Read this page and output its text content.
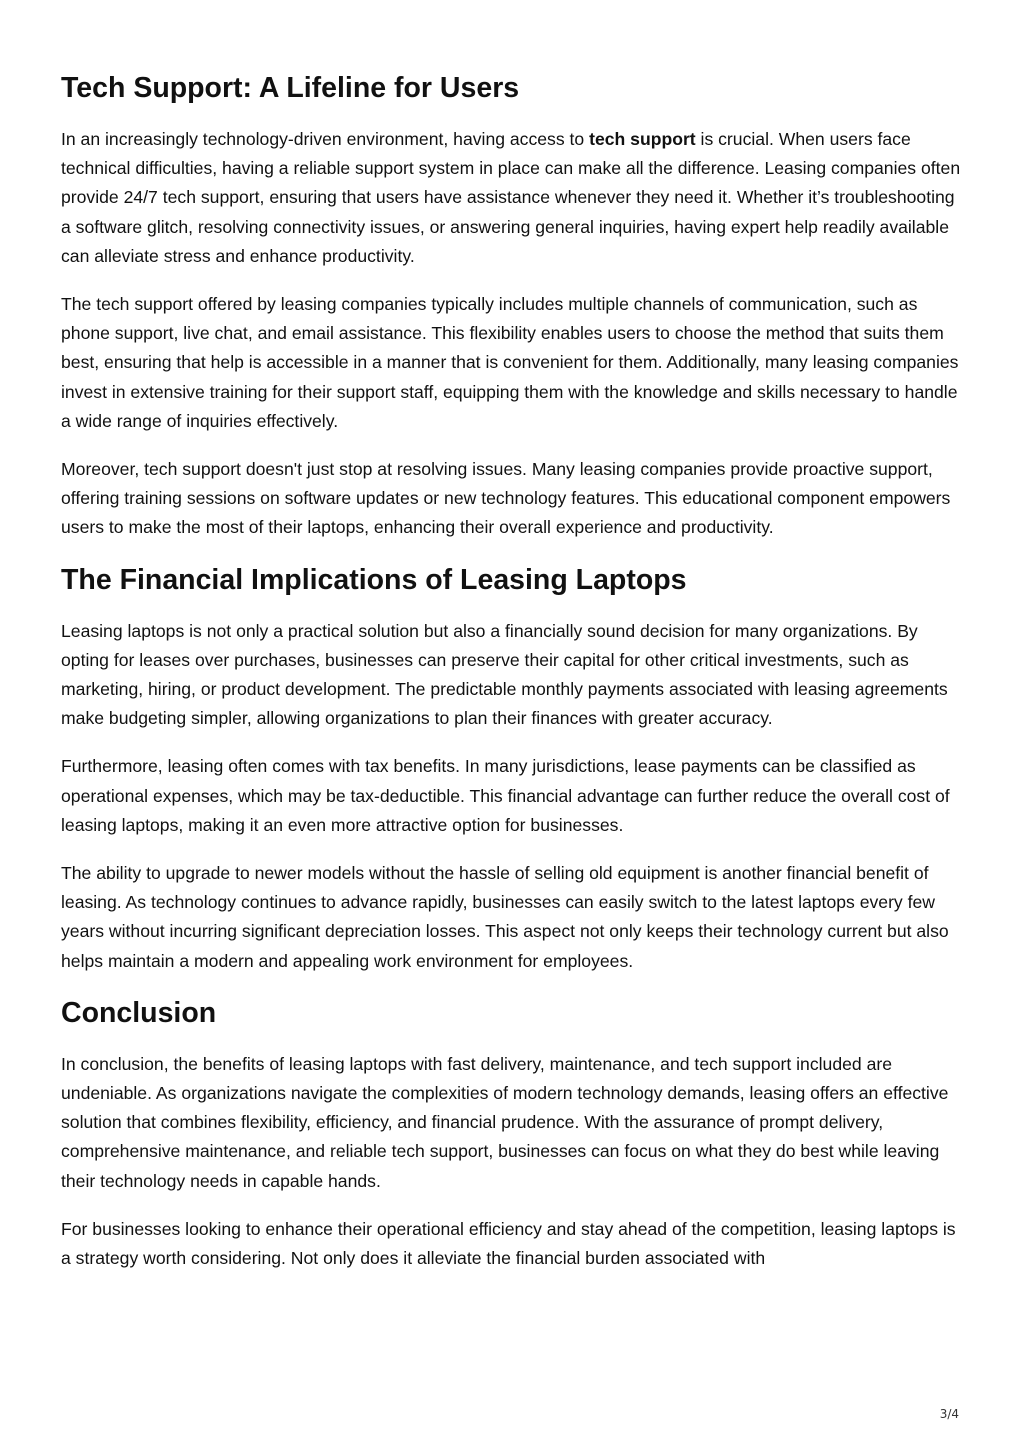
Tech Support: A Lifeline for Users

In an increasingly technology-driven environment, having access to tech support is crucial. When users face technical difficulties, having a reliable support system in place can make all the difference. Leasing companies often provide 24/7 tech support, ensuring that users have assistance whenever they need it. Whether it’s troubleshooting a software glitch, resolving connectivity issues, or answering general inquiries, having expert help readily available can alleviate stress and enhance productivity.

The tech support offered by leasing companies typically includes multiple channels of communication, such as phone support, live chat, and email assistance. This flexibility enables users to choose the method that suits them best, ensuring that help is accessible in a manner that is convenient for them. Additionally, many leasing companies invest in extensive training for their support staff, equipping them with the knowledge and skills necessary to handle a wide range of inquiries effectively.

Moreover, tech support doesn't just stop at resolving issues. Many leasing companies provide proactive support, offering training sessions on software updates or new technology features. This educational component empowers users to make the most of their laptops, enhancing their overall experience and productivity.

The Financial Implications of Leasing Laptops

Leasing laptops is not only a practical solution but also a financially sound decision for many organizations. By opting for leases over purchases, businesses can preserve their capital for other critical investments, such as marketing, hiring, or product development. The predictable monthly payments associated with leasing agreements make budgeting simpler, allowing organizations to plan their finances with greater accuracy.

Furthermore, leasing often comes with tax benefits. In many jurisdictions, lease payments can be classified as operational expenses, which may be tax-deductible. This financial advantage can further reduce the overall cost of leasing laptops, making it an even more attractive option for businesses.

The ability to upgrade to newer models without the hassle of selling old equipment is another financial benefit of leasing. As technology continues to advance rapidly, businesses can easily switch to the latest laptops every few years without incurring significant depreciation losses. This aspect not only keeps their technology current but also helps maintain a modern and appealing work environment for employees.

Conclusion

In conclusion, the benefits of leasing laptops with fast delivery, maintenance, and tech support included are undeniable. As organizations navigate the complexities of modern technology demands, leasing offers an effective solution that combines flexibility, efficiency, and financial prudence. With the assurance of prompt delivery, comprehensive maintenance, and reliable tech support, businesses can focus on what they do best while leaving their technology needs in capable hands.

For businesses looking to enhance their operational efficiency and stay ahead of the competition, leasing laptops is a strategy worth considering. Not only does it alleviate the financial burden associated with

3/4
